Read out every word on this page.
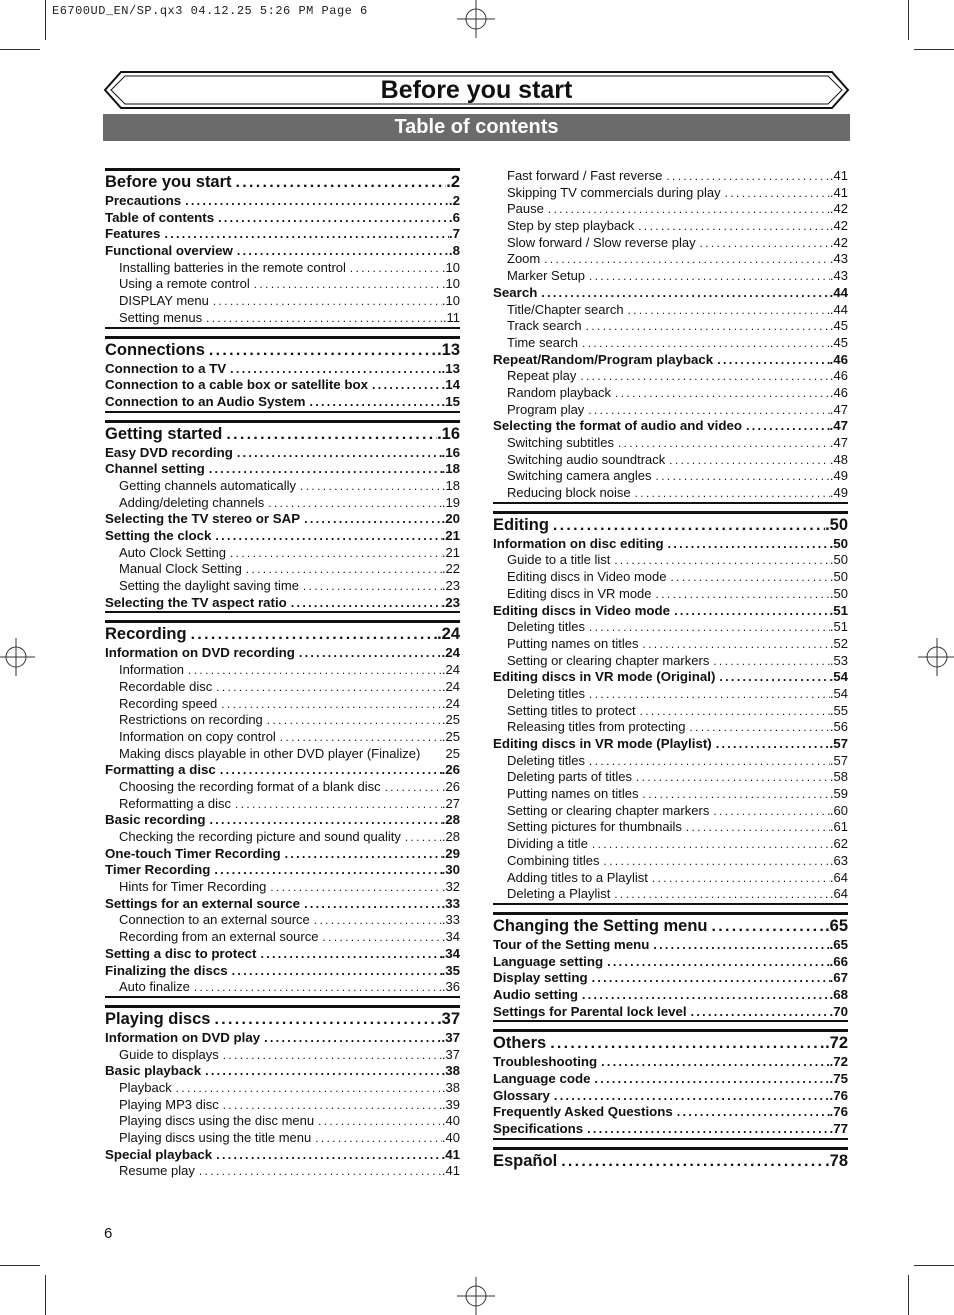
E6700UD_EN/SP.qx3 04.12.25 5:26 PM Page 6
Before you start
Table of contents
Before you start .....	.2
Precautions .....	.2
Table of contents .....	.6
Features .....	.7
Functional overview .....	.8
Installing batteries in the remote control .....	.10
Using a remote control .....	.10
DISPLAY menu .....	.10
Setting menus .....	.11
Connections .....	.13
Connection to a TV .....	.13
Connection to a cable box or satellite box .....	.14
Connection to an Audio System .....	.15
Getting started .....	.16
Easy DVD recording .....	.16
Channel setting .....	.18
Getting channels automatically .....	.18
Adding/deleting channels .....	.19
Selecting the TV stereo or SAP .....	.20
Setting the clock .....	.21
Auto Clock Setting .....	.21
Manual Clock Setting .....	.22
Setting the daylight saving time .....	.23
Selecting the TV aspect ratio .....	.23
Recording .....	.24
Information on DVD recording .....	.24
Information .....	.24
Recordable disc .....	.24
Recording speed .....	.24
Restrictions on recording .....	.25
Information on copy control .....	.25
Making discs playable in other DVD player (Finalize) 25
Formatting a disc .....	.26
Choosing the recording format of a blank disc .....	.26
Reformatting a disc .....	.27
Basic recording .....	.28
Checking the recording picture and sound quality .....	.28
One-touch Timer Recording .....	.29
Timer Recording .....	.30
Hints for Timer Recording .....	.32
Settings for an external source .....	.33
Connection to an external source .....	.33
Recording from an external source .....	.34
Setting a disc to protect .....	.34
Finalizing the discs .....	.35
Auto finalize .....	.36
Playing discs .....	.37
Information on DVD play .....	.37
Guide to displays .....	.37
Basic playback .....	.38
Playback .....	.38
Playing MP3 disc .....	.39
Playing discs using the disc menu .....	.40
Playing discs using the title menu .....	.40
Special playback .....	.41
Resume play .....	.41
Fast forward / Fast reverse .....	.41
Skipping TV commercials during play .....	.41
Pause .....	.42
Step by step playback .....	.42
Slow forward / Slow reverse play .....	.42
Zoom .....	.43
Marker Setup .....	.43
Search .....	.44
Title/Chapter search .....	.44
Track search .....	.45
Time search .....	.45
Repeat/Random/Program playback .....	.46
Repeat play .....	.46
Random playback .....	.46
Program play .....	.47
Selecting the format of audio and video .....	.47
Switching subtitles .....	.47
Switching audio soundtrack .....	.48
Switching camera angles .....	.49
Reducing block noise .....	.49
Editing .....	.50
Information on disc editing .....	.50
Guide to a title list .....	.50
Editing discs in Video mode .....	.50
Editing discs in VR mode .....	.50
Editing discs in Video mode .....	.51
Deleting titles .....	.51
Putting names on titles .....	.52
Setting or clearing chapter markers .....	.53
Editing discs in VR mode (Original) .....	.54
Deleting titles .....	.54
Setting titles to protect .....	.55
Releasing titles from protecting .....	.56
Editing discs in VR mode (Playlist) .....	.57
Deleting titles .....	.57
Deleting parts of titles .....	.58
Putting names on titles .....	.59
Setting or clearing chapter markers .....	.60
Setting pictures for thumbnails .....	.61
Dividing a title .....	.62
Combining titles .....	.63
Adding titles to a Playlist .....	.64
Deleting a Playlist .....	.64
Changing the Setting menu .....	.65
Tour of the Setting menu .....	.65
Language setting .....	.66
Display setting .....	.67
Audio setting .....	.68
Settings for Parental lock level .....	.70
Others .....	.72
Troubleshooting .....	.72
Language code .....	.75
Glossary .....	.76
Frequently Asked Questions .....	.76
Specifications .....	.77
Español .....	.78
6
